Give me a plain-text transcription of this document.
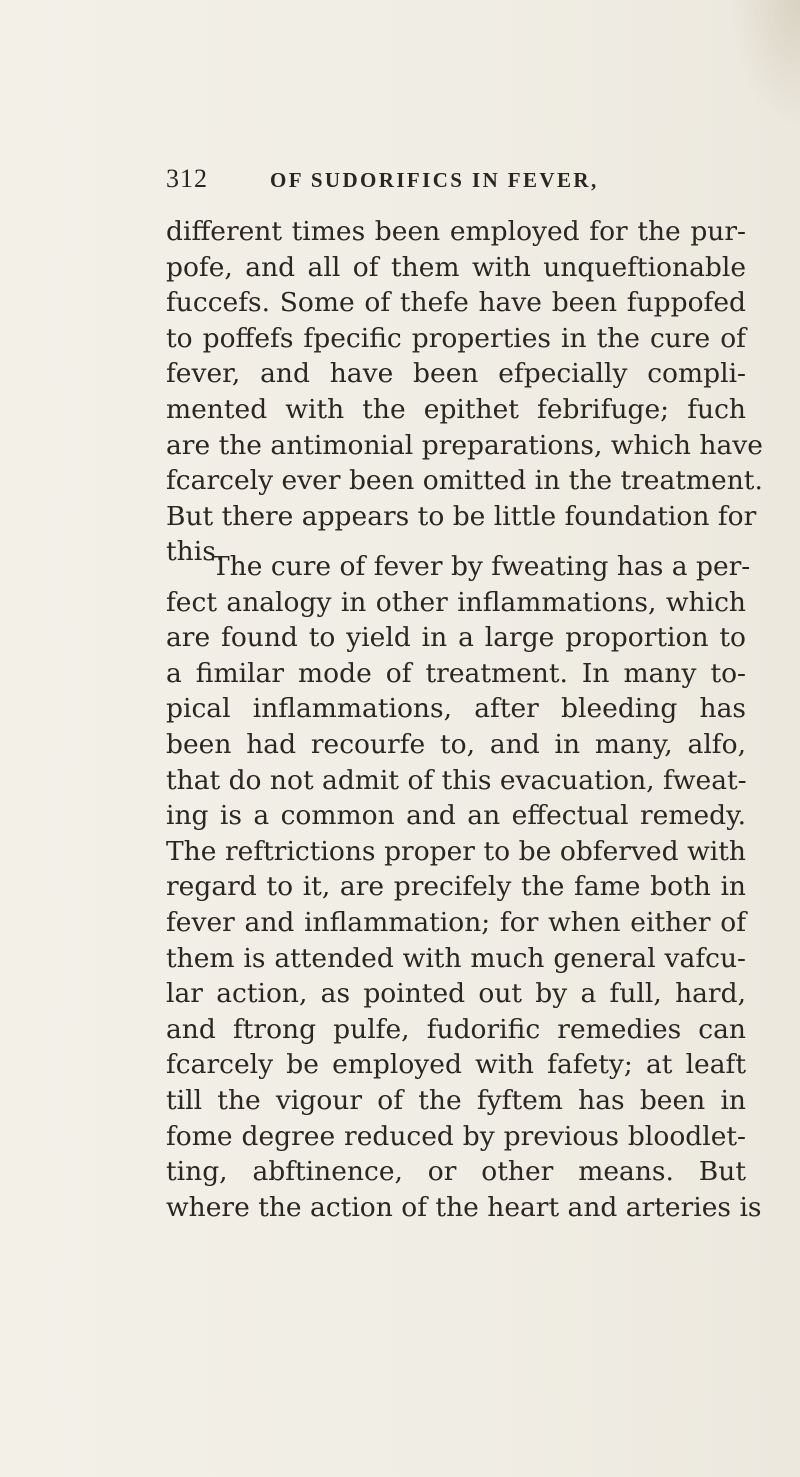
312	OF SUDORIFICS IN FEVER,
different times been employed for the pur-
pofe, and all of them with unqueftionable
fuccefs. Some of thefe have been fuppofed
to poffefs fpecific properties in the cure of
fever, and have been efpecially compli-
mented with the epithet febrifuge; fuch
are the antimonial preparations, which have
fcarcely ever been omitted in the treatment.
But there appears to be little foundation for
this.
The cure of fever by fweating has a per-
fect analogy in other inflammations, which
are found to yield in a large proportion to
a fimilar mode of treatment. In many to-
pical inflammations, after bleeding has
been had recourfe to, and in many, alfo,
that do not admit of this evacuation, fweat-
ing is a common and an effectual remedy.
The reftrictions proper to be obferved with
regard to it, are precifely the fame both in
fever and inflammation; for when either of
them is attended with much general vafcu-
lar action, as pointed out by a full, hard,
and ftrong pulfe, fudorific remedies can
fcarcely be employed with fafety; at leaft
till the vigour of the fyftem has been in
fome degree reduced by previous bloodlet-
ting, abftinence, or other means. But
where the action of the heart and arteries is
